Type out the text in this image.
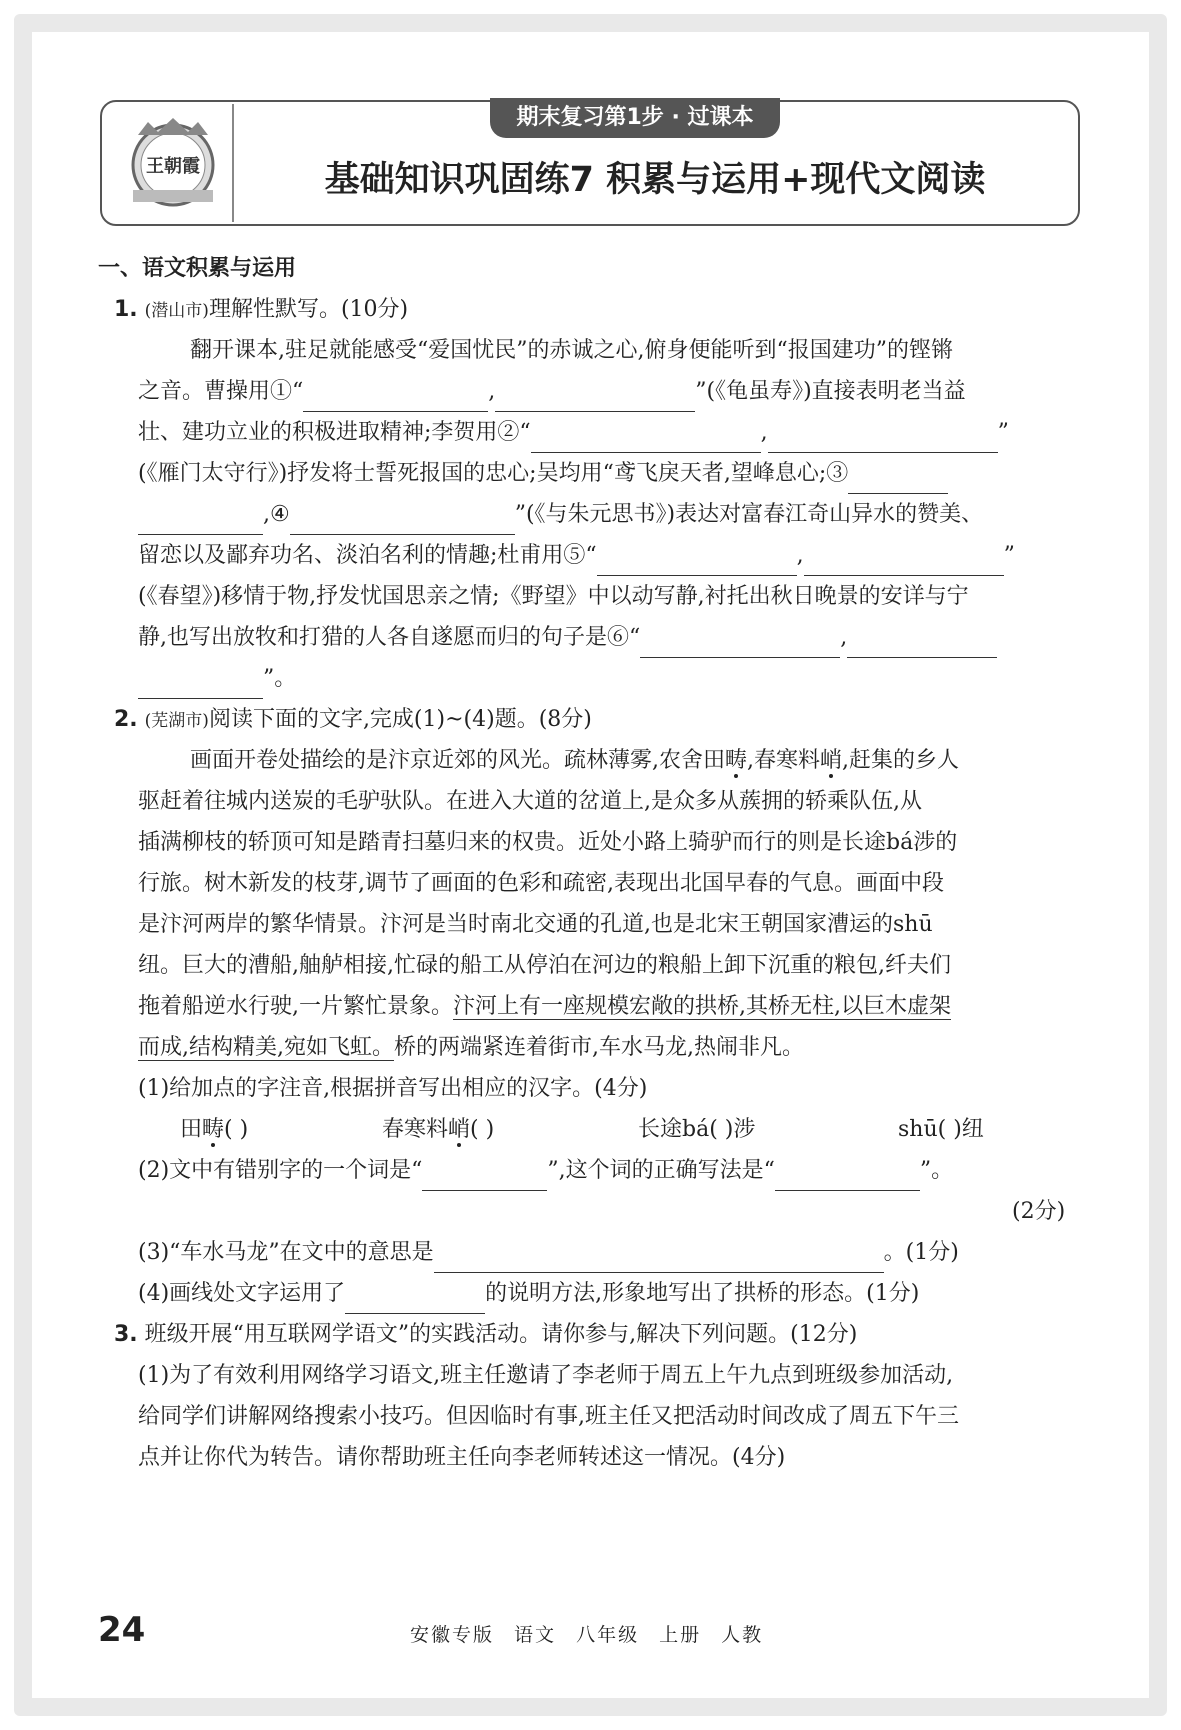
期末复习第1步 · 过课本
王朝霞	基础知识巩固练7 积累与运用+现代文阅读
一、语文积累与运用
1. (潜山市)理解性默写。(10分)
翻开课本,驻足就能感受“爱国忧民”的赤诚之心,俯身便能听到“报国建功”的铿锵
之音。曹操用①“	,	”(《龟虽寿》)直接表明老当益
壮、建功立业的积极进取精神;李贺用②“	,	”
(《雁门太守行》)抒发将士誓死报国的忠心;吴均用“鸢飞戾天者,望峰息心;③
,④	”(《与朱元思书》)表达对富春江奇山异水的赞美、
留恋以及鄙弃功名、淡泊名利的情趣;杜甫用⑤“	,	”
(《春望》)移情于物,抒发忧国思亲之情;《野望》中以动写静,衬托出秋日晚景的安详与宁
静,也写出放牧和打猎的人各自遂愿而归的句子是⑥“	,
”。
2. (芜湖市)阅读下面的文字,完成(1)~(4)题。(8分)
画面开卷处描绘的是汴京近郊的风光。疏林薄雾,农舍田畴,春寒料峭,赶集的乡人
驱赶着往城内送炭的毛驴驮队。在进入大道的岔道上,是众多从蔟拥的轿乘队伍,从
插满柳枝的轿顶可知是踏青扫墓归来的权贵。近处小路上骑驴而行的则是长途bá涉的
行旅。树木新发的枝芽,调节了画面的色彩和疏密,表现出北国早春的气息。画面中段
是汴河两岸的繁华情景。汴河是当时南北交通的孔道,也是北宋王朝国家漕运的shū
纽。巨大的漕船,舳舻相接,忙碌的船工从停泊在河边的粮船上卸下沉重的粮包,纤夫们
拖着船逆水行驶,一片繁忙景象。汴河上有一座规模宏敞的拱桥,其桥无柱,以巨木虚架
而成,结构精美,宛如飞虹。桥的两端紧连着街市,车水马龙,热闹非凡。
(1)给加点的字注音,根据拼音写出相应的汉字。(4分)
田畴( )	春寒料峭( )	长途bá( )涉	shū( )纽
(2)文中有错别字的一个词是“	”,这个词的正确写法是“	”。
(2分)
(3)“车水马龙”在文中的意思是	。(1分)
(4)画线处文字运用了	的说明方法,形象地写出了拱桥的形态。(1分)
3. 班级开展“用互联网学语文”的实践活动。请你参与,解决下列问题。(12分)
(1)为了有效利用网络学习语文,班主任邀请了李老师于周五上午九点到班级参加活动,
给同学们讲解网络搜索小技巧。但因临时有事,班主任又把活动时间改成了周五下午三
点并让你代为转告。请你帮助班主任向李老师转述这一情况。(4分)
24	安徽专版 语文 八年级 上册 人教
